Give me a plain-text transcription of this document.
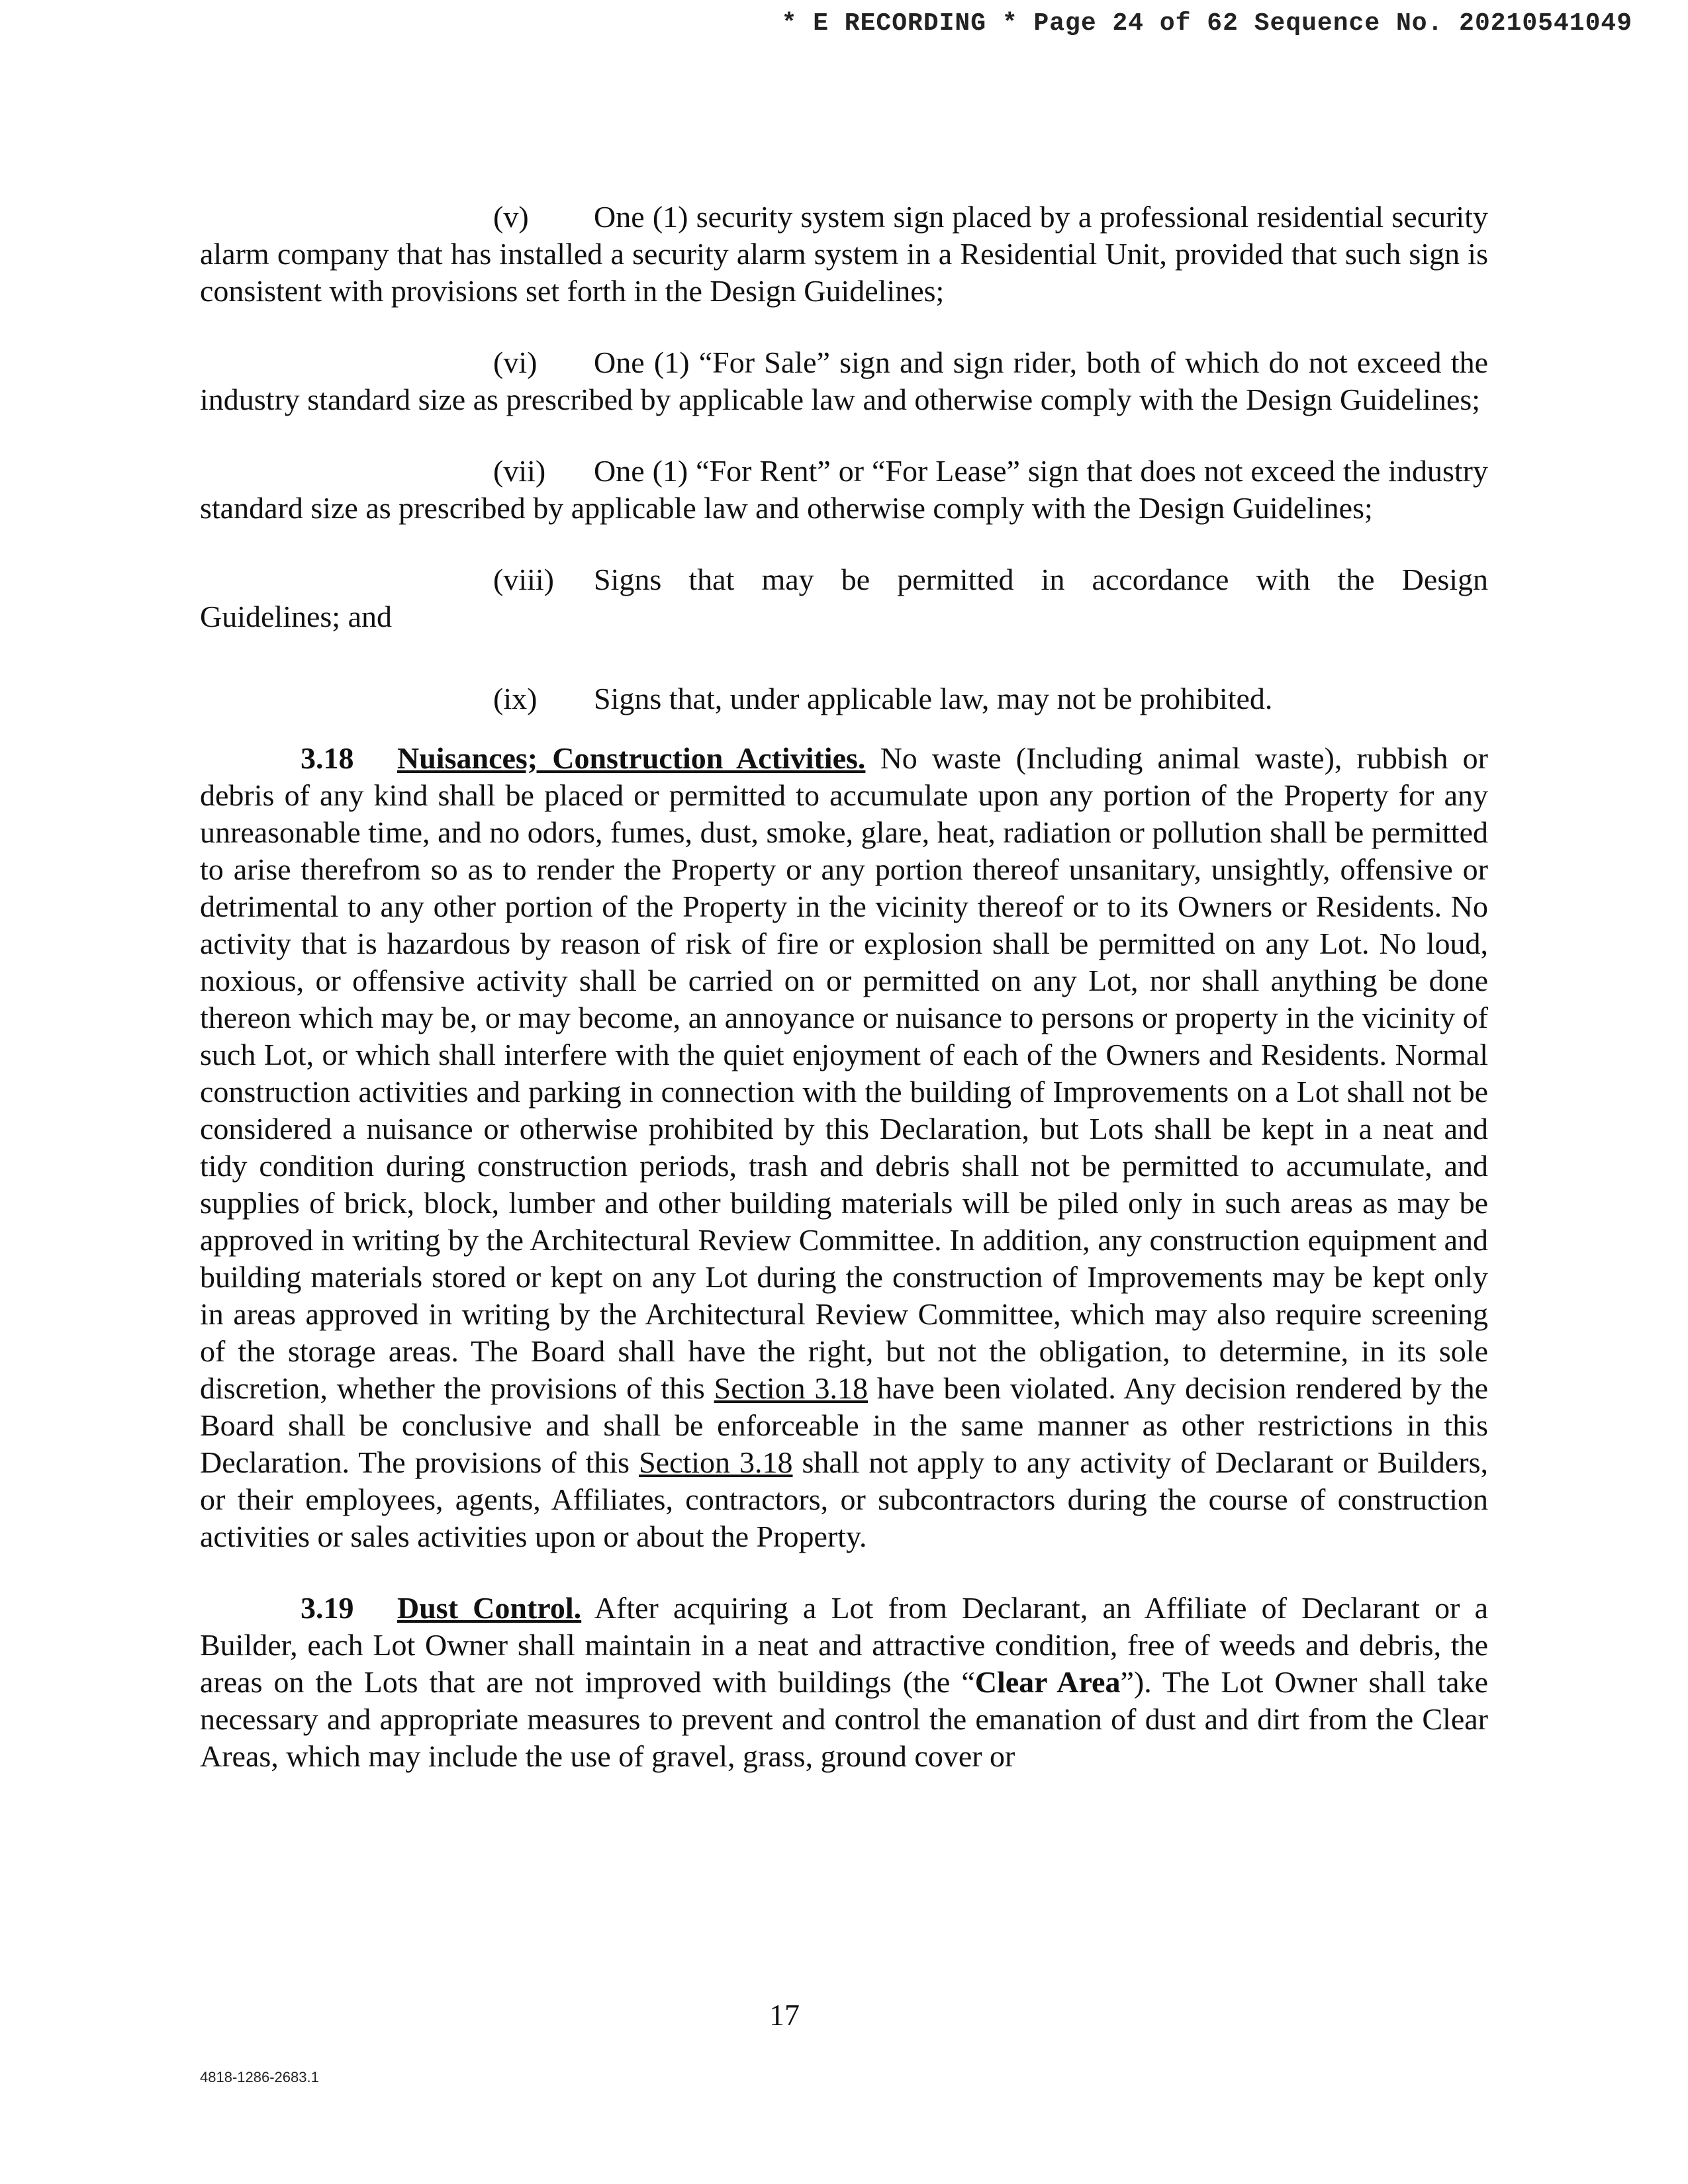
* E RECORDING * Page 24 of 62 Sequence No. 20210541049

(v) One (1) security system sign placed by a professional residential security alarm company that has installed a security alarm system in a Residential Unit, provided that such sign is consistent with provisions set forth in the Design Guidelines;

(vi) One (1) “For Sale” sign and sign rider, both of which do not exceed the industry standard size as prescribed by applicable law and otherwise comply with the Design Guidelines;

(vii) One (1) “For Rent” or “For Lease” sign that does not exceed the industry standard size as prescribed by applicable law and otherwise comply with the Design Guidelines;

(viii) Signs that may be permitted in accordance with the Design
Guidelines; and

(ix) Signs that, under applicable law, may not be prohibited.

3.18 Nuisances; Construction Activities. No waste (Including animal waste), rubbish or debris of any kind shall be placed or permitted to accumulate upon any portion of the Property for any unreasonable time, and no odors, fumes, dust, smoke, glare, heat, radiation or pollution shall be permitted to arise therefrom so as to render the Property or any portion thereof unsanitary, unsightly, offensive or detrimental to any other portion of the Property in the vicinity thereof or to its Owners or Residents. No activity that is hazardous by reason of risk of fire or explosion shall be permitted on any Lot. No loud, noxious, or offensive activity shall be carried on or permitted on any Lot, nor shall anything be done thereon which may be, or may become, an annoyance or nuisance to persons or property in the vicinity of such Lot, or which shall interfere with the quiet enjoyment of each of the Owners and Residents. Normal construction activities and parking in connection with the building of Improvements on a Lot shall not be considered a nuisance or otherwise prohibited by this Declaration, but Lots shall be kept in a neat and tidy condition during construction periods, trash and debris shall not be permitted to accumulate, and supplies of brick, block, lumber and other building materials will be piled only in such areas as may be approved in writing by the Architectural Review Committee. In addition, any construction equipment and building materials stored or kept on any Lot during the construction of Improvements may be kept only in areas approved in writing by the Architectural Review Committee, which may also require screening of the storage areas. The Board shall have the right, but not the obligation, to determine, in its sole discretion, whether the provisions of this Section 3.18 have been violated. Any decision rendered by the Board shall be conclusive and shall be enforceable in the same manner as other restrictions in this Declaration. The provisions of this Section 3.18 shall not apply to any activity of Declarant or Builders, or their employees, agents, Affiliates, contractors, or subcontractors during the course of construction activities or sales activities upon or about the Property.

3.19 Dust Control. After acquiring a Lot from Declarant, an Affiliate of Declarant or a Builder, each Lot Owner shall maintain in a neat and attractive condition, free of weeds and debris, the areas on the Lots that are not improved with buildings (the “Clear Area”). The Lot Owner shall take necessary and appropriate measures to prevent and control the emanation of dust and dirt from the Clear Areas, which may include the use of gravel, grass, ground cover or

17
4818-1286-2683.1
